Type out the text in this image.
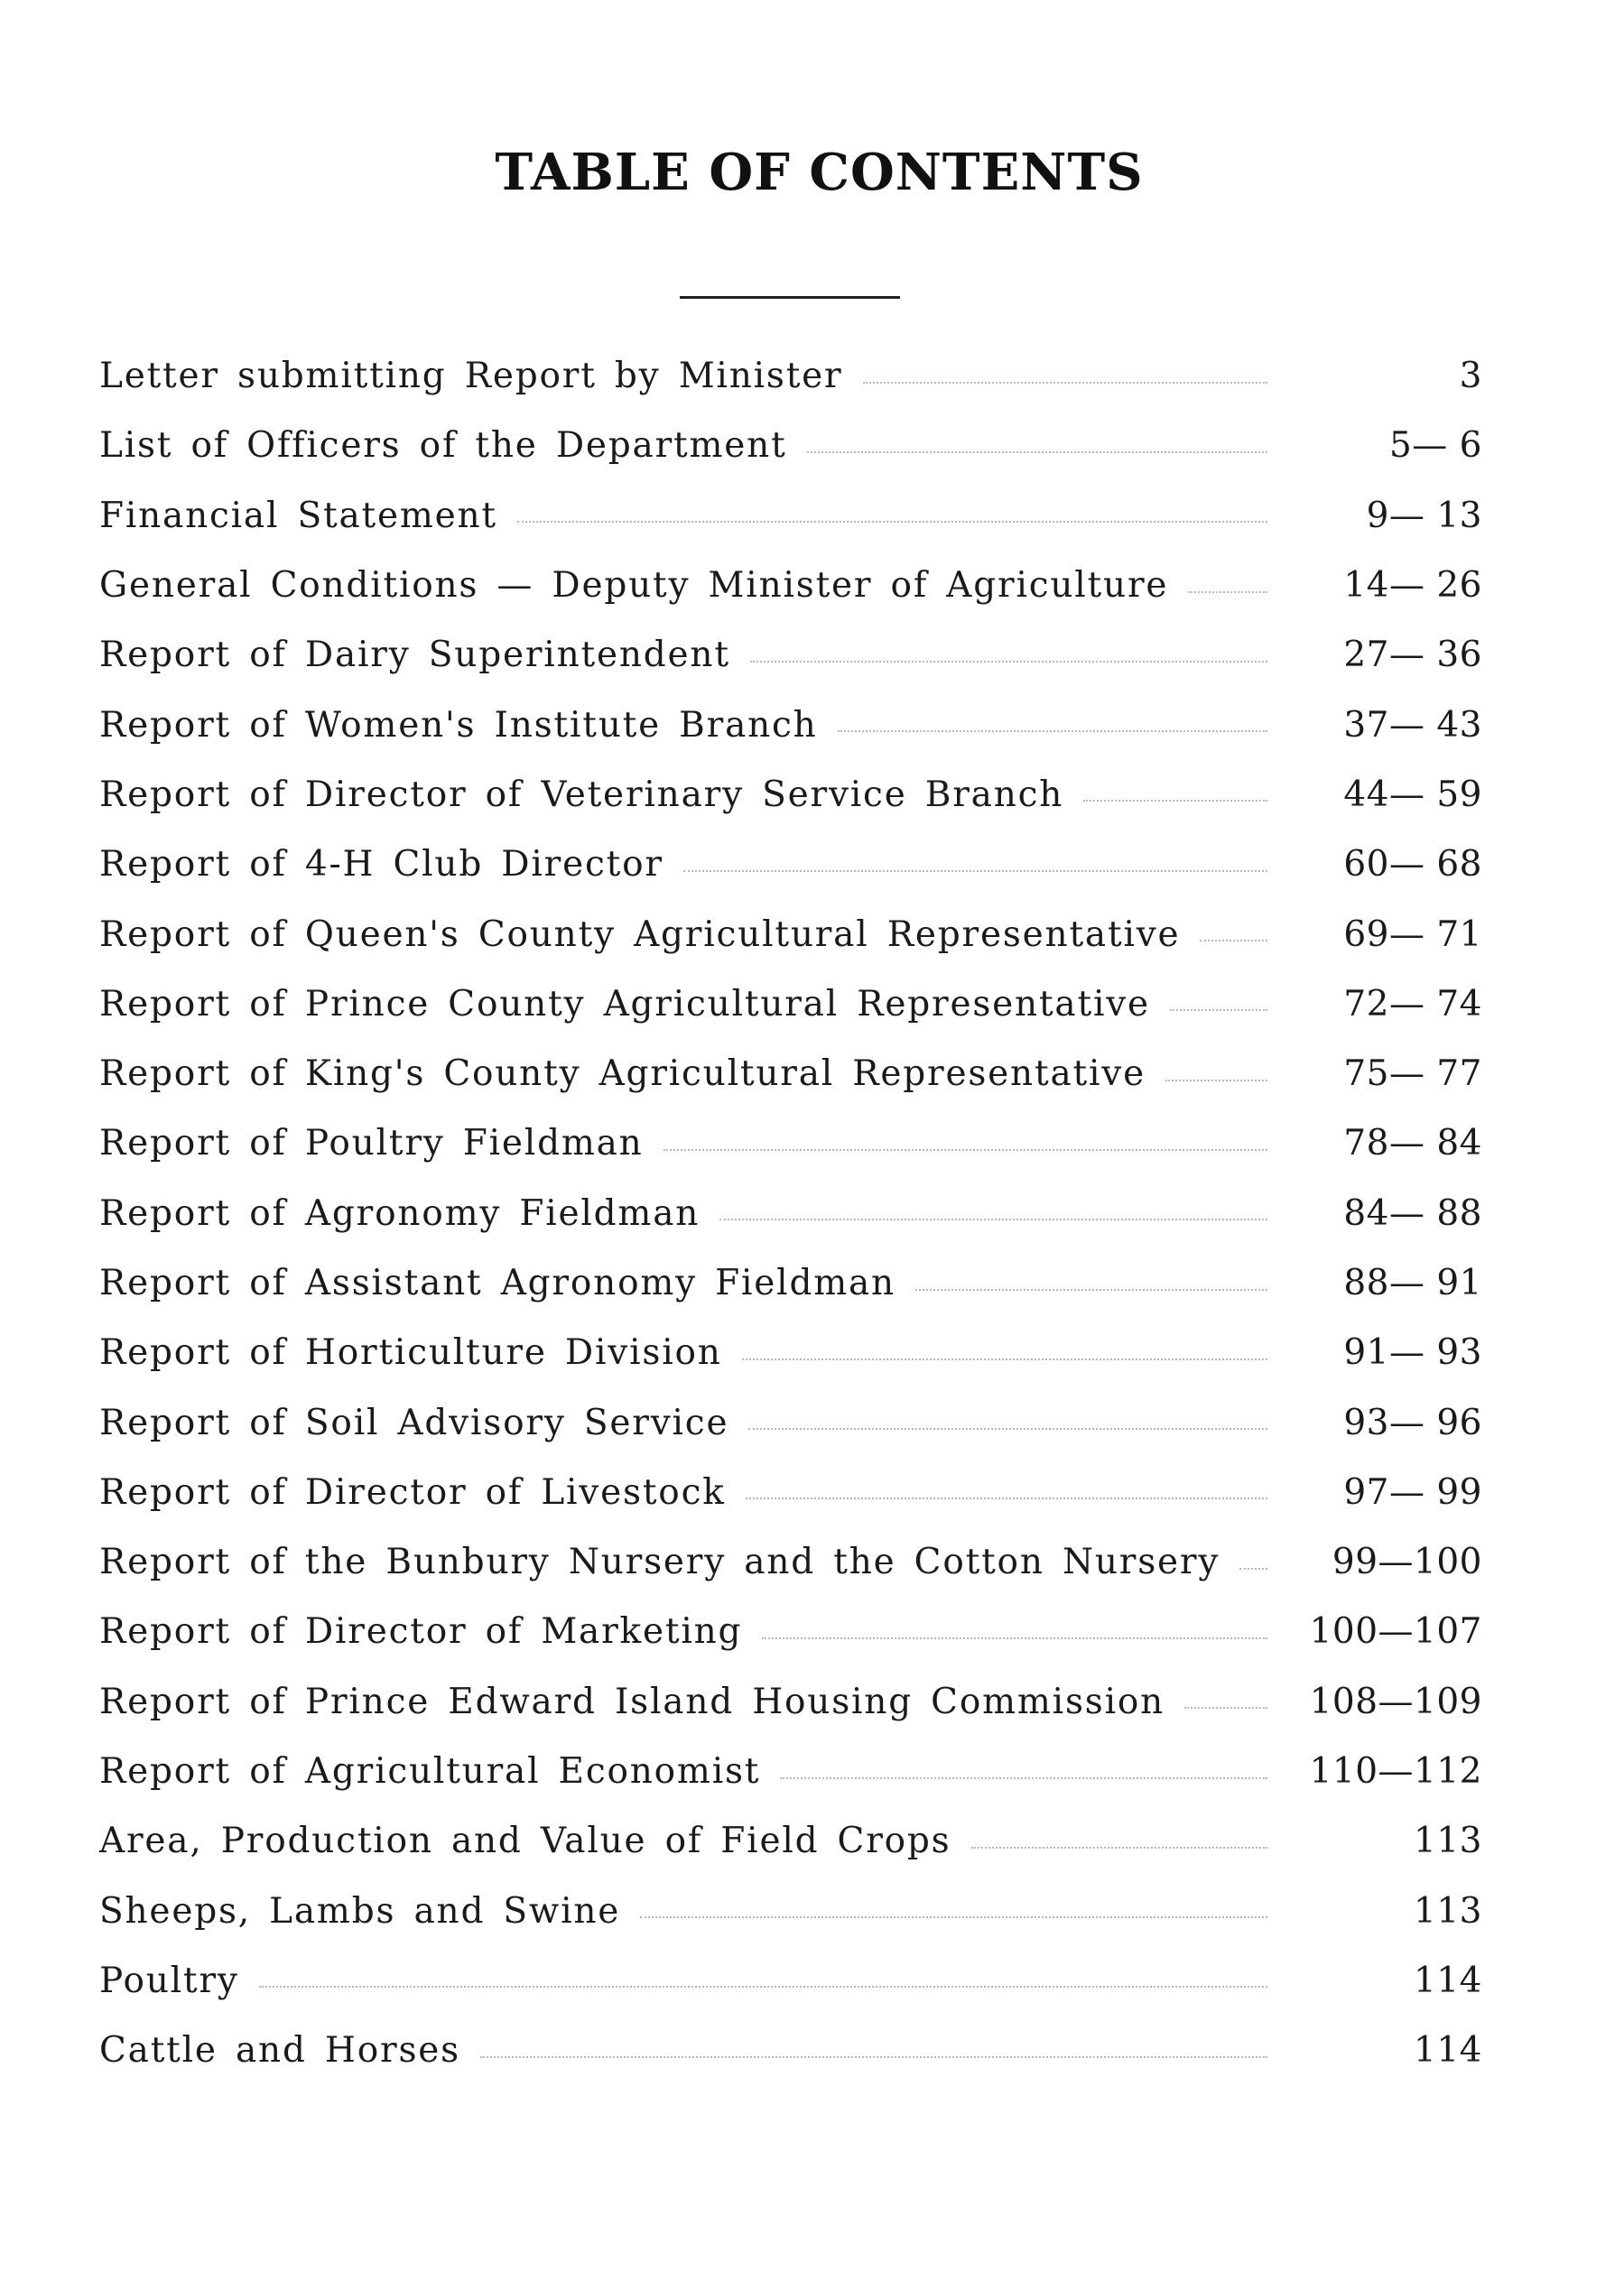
TABLE OF CONTENTS
Letter submitting Report by Minister	3
List of Officers of the Department	5— 6
Financial Statement	9— 13
General Conditions — Deputy Minister of Agriculture	14— 26
Report of Dairy Superintendent	27— 36
Report of Women's Institute Branch	37— 43
Report of Director of Veterinary Service Branch	44— 59
Report of 4-H Club Director	60— 68
Report of Queen's County Agricultural Representative	69— 71
Report of Prince County Agricultural Representative	72— 74
Report of King's County Agricultural Representative	75— 77
Report of Poultry Fieldman	78— 84
Report of Agronomy Fieldman	84— 88
Report of Assistant Agronomy Fieldman	88— 91
Report of Horticulture Division	91— 93
Report of Soil Advisory Service	93— 96
Report of Director of Livestock	97— 99
Report of the Bunbury Nursery and the Cotton Nursery	99—100
Report of Director of Marketing	100—107
Report of Prince Edward Island Housing Commission	108—109
Report of Agricultural Economist	110—112
Area, Production and Value of Field Crops	113
Sheeps, Lambs and Swine	113
Poultry	114
Cattle and Horses	114
